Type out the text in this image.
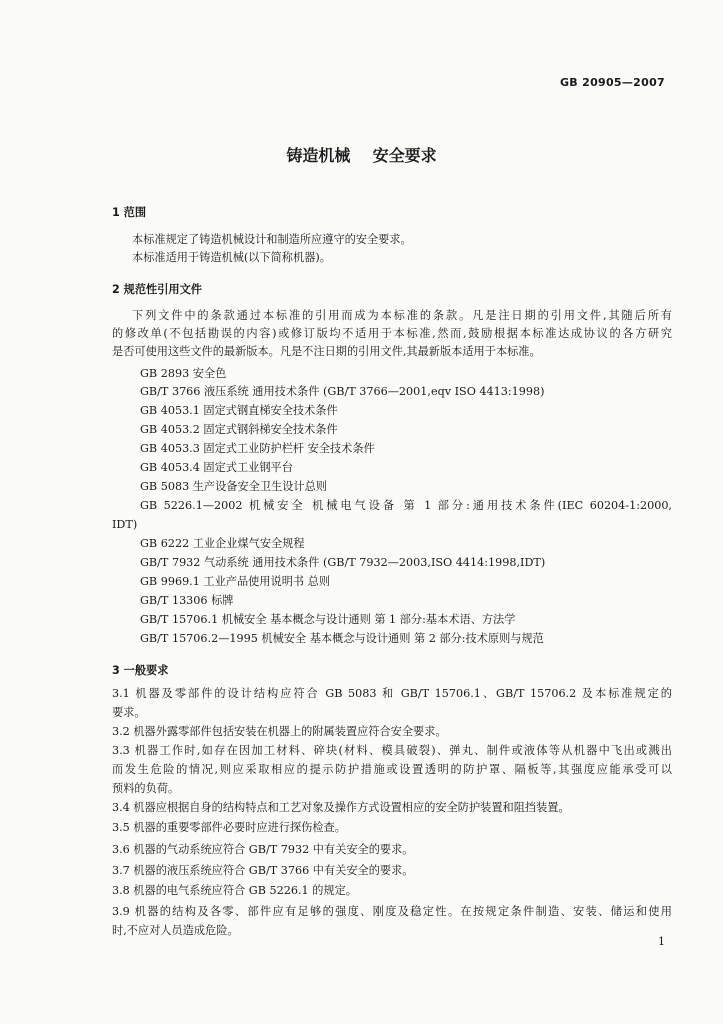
GB 20905—2007
铸造机械    安全要求
1 范围
本标准规定了铸造机械设计和制造所应遵守的安全要求。
本标准适用于铸造机械(以下简称机器)。
2 规范性引用文件
下列文件中的条款通过本标准的引用而成为本标准的条款。凡是注日期的引用文件,其随后所有
的修改单(不包括勘误的内容)或修订版均不适用于本标准,然而,鼓励根据本标准达成协议的各方研究
是否可使用这些文件的最新版本。凡是不注日期的引用文件,其最新版本适用于本标准。
GB 2893 安全色
GB/T 3766 液压系统 通用技术条件 (GB/T 3766—2001,eqv ISO 4413:1998)
GB 4053.1 固定式钢直梯安全技术条件
GB 4053.2 固定式钢斜梯安全技术条件
GB 4053.3 固定式工业防护栏杆 安全技术条件
GB 4053.4 固定式工业钢平台
GB 5083 生产设备安全卫生设计总则
GB 5226.1—2002 机械安全 机械电气设备 第 1 部分:通用技术条件(IEC 60204-1:2000,
IDT)
GB 6222 工业企业煤气安全规程
GB/T 7932 气动系统 通用技术条件 (GB/T 7932—2003,ISO 4414:1998,IDT)
GB 9969.1 工业产品使用说明书 总则
GB/T 13306 标牌
GB/T 15706.1 机械安全 基本概念与设计通则 第 1 部分:基本术语、方法学
GB/T 15706.2—1995 机械安全 基本概念与设计通则 第 2 部分:技术原则与规范
3 一般要求
3.1 机器及零部件的设计结构应符合 GB 5083 和 GB/T 15706.1、GB/T 15706.2 及本标准规定的
要求。
3.2 机器外露零部件包括安装在机器上的附属装置应符合安全要求。
3.3 机器工作时,如存在因加工材料、碎块(材料、模具破裂)、弹丸、制件或液体等从机器中飞出或溅出
而发生危险的情况,则应采取相应的提示防护措施或设置透明的防护罩、隔板等,其强度应能承受可以
预料的负荷。
3.4 机器应根据自身的结构特点和工艺对象及操作方式设置相应的安全防护装置和阻挡装置。
3.5 机器的重要零部件必要时应进行探伤检查。
3.6 机器的气动系统应符合 GB/T 7932 中有关安全的要求。
3.7 机器的液压系统应符合 GB/T 3766 中有关安全的要求。
3.8 机器的电气系统应符合 GB 5226.1 的规定。
3.9 机器的结构及各零、部件应有足够的强度、刚度及稳定性。在按规定条件制造、安装、储运和使用
时,不应对人员造成危险。
1
